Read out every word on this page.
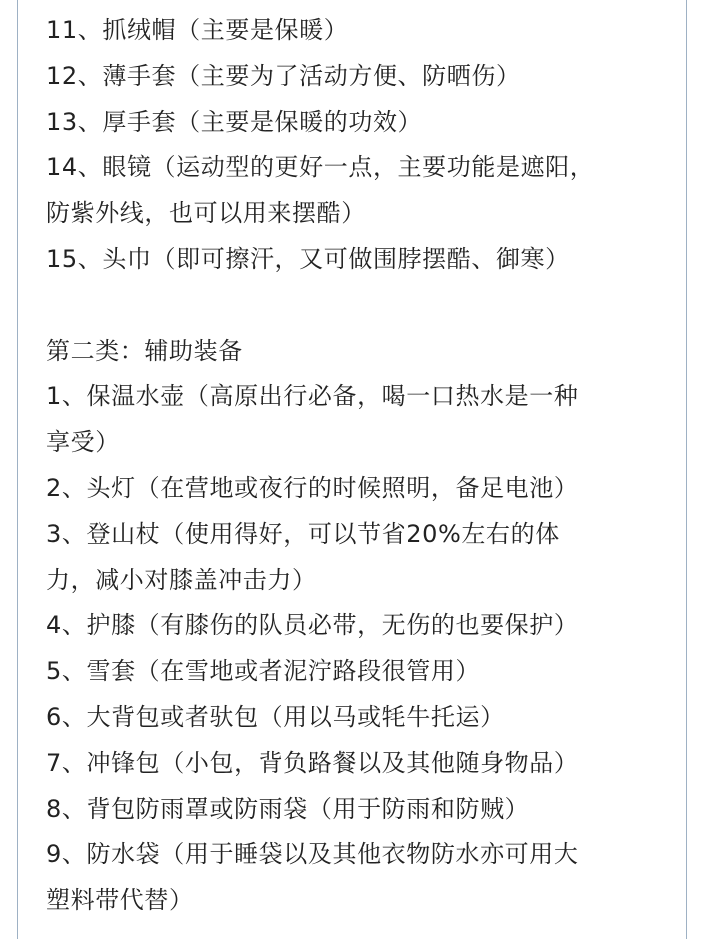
11、抓绒帽（主要是保暖）
12、薄手套（主要为了活动方便、防晒伤）
13、厚手套（主要是保暖的功效）
14、眼镜（运动型的更好一点，主要功能是遮阳，
防紫外线，也可以用来摆酷）
15、头巾（即可擦汗，又可做围脖摆酷、御寒）
第二类：辅助装备
1、保温水壶（高原出行必备，喝一口热水是一种
享受）
2、头灯（在营地或夜行的时候照明，备足电池）
3、登山杖（使用得好，可以节省20%左右的体
力，减小对膝盖冲击力）
4、护膝（有膝伤的队员必带，无伤的也要保护）
5、雪套（在雪地或者泥泞路段很管用）
6、大背包或者驮包（用以马或牦牛托运）
7、冲锋包（小包，背负路餐以及其他随身物品）
8、背包防雨罩或防雨袋（用于防雨和防贼）
9、防水袋（用于睡袋以及其他衣物防水亦可用大
塑料带代替）
